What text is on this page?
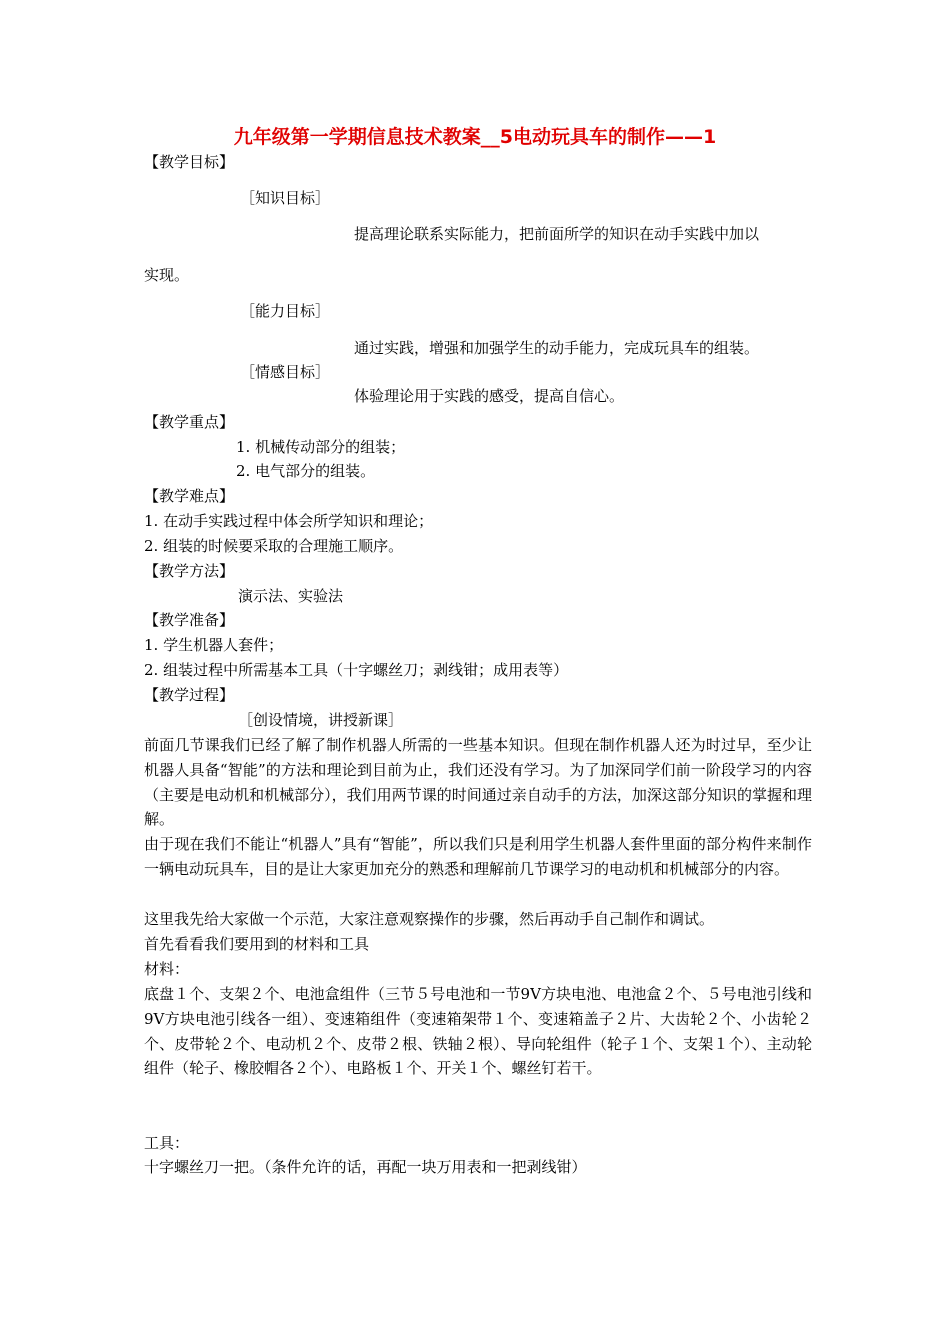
九年级第一学期信息技术教案__5电动玩具车的制作——1
【教学目标】
［知识目标］
提高理论联系实际能力，把前面所学的知识在动手实践中加以
实现。
［能力目标］
通过实践，增强和加强学生的动手能力，完成玩具车的组装。
［情感目标］
体验理论用于实践的感受，提高自信心。
【教学重点】
1. 机械传动部分的组装；
2. 电气部分的组装。
【教学难点】
1. 在动手实践过程中体会所学知识和理论；
2. 组装的时候要采取的合理施工顺序。
【教学方法】
演示法、实验法
【教学准备】
1. 学生机器人套件；
2. 组装过程中所需基本工具（十字螺丝刀；剥线钳；成用表等）
【教学过程】
［创设情境，讲授新课］
前面几节课我们已经了解了制作机器人所需的一些基本知识。但现在制作机器人还为时过早，至少让机器人具备“智能”的方法和理论到目前为止，我们还没有学习。为了加深同学们前一阶段学习的内容（主要是电动机和机械部分），我们用两节课的时间通过亲自动手的方法，加深这部分知识的掌握和理解。
由于现在我们不能让“机器人”具有“智能”，所以我们只是利用学生机器人套件里面的部分构件来制作一辆电动玩具车，目的是让大家更加充分的熟悉和理解前几节课学习的电动机和机械部分的内容。
这里我先给大家做一个示范，大家注意观察操作的步骤，然后再动手自己制作和调试。
首先看看我们要用到的材料和工具
材料：
底盘１个、支架２个、电池盒组件（三节５号电池和一节9V方块电池、电池盒２个、５号电池引线和9V方块电池引线各一组）、变速箱组件（变速箱架带１个、变速箱盖子２片、大齿轮２个、小齿轮２个、皮带轮２个、电动机２个、皮带２根、铁轴２根）、导向轮组件（轮子１个、支架１个）、主动轮组件（轮子、橡胶帽各２个）、电路板１个、开关１个、螺丝钉若干。
工具：
十字螺丝刀一把。（条件允许的话，再配一块万用表和一把剥线钳）
